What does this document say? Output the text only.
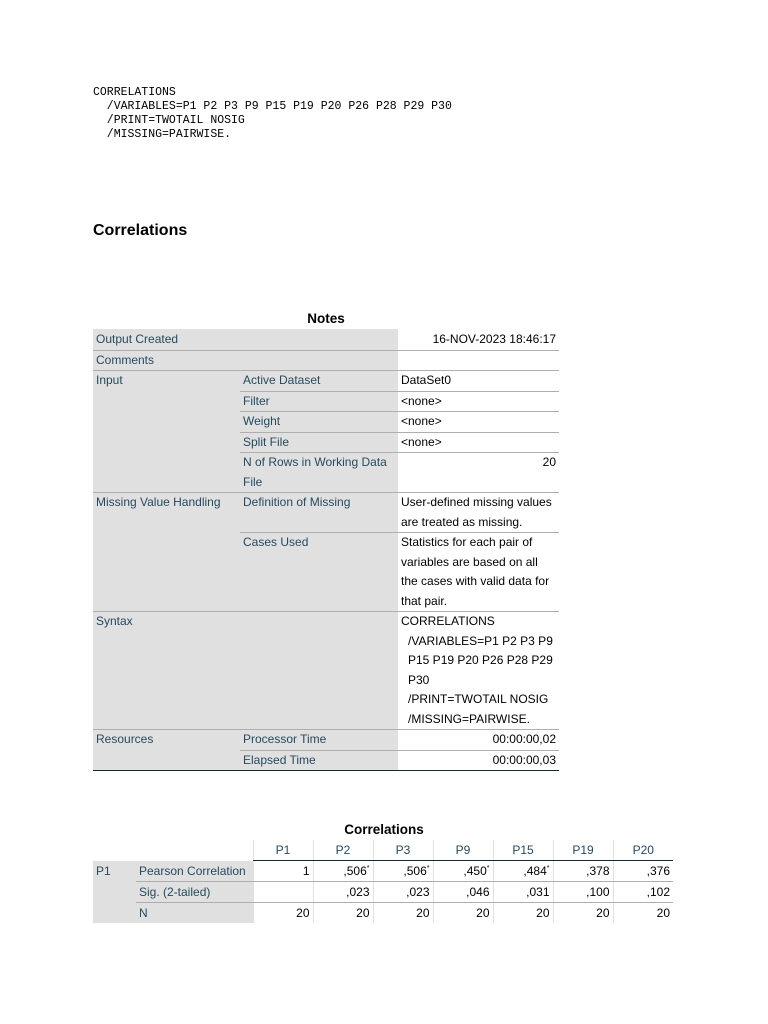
CORRELATIONS
/VARIABLES=P1 P2 P3 P9 P15 P19 P20 P26 P28 P29 P30
/PRINT=TWOTAIL NOSIG
/MISSING=PAIRWISE.
Correlations
Notes
Output Created		16-NOV-2023 18:46:17
Comments		
Input	Active Dataset	DataSet0
	Filter	<none>
	Weight	<none>
	Split File	<none>
	N of Rows in Working Data File	20
Missing Value Handling	Definition of Missing	User-defined missing values are treated as missing.
	Cases Used	Statistics for each pair of variables are based on all the cases with valid data for that pair.
Syntax		CORRELATIONS
/VARIABLES=P1 P2 P3 P9 P15 P19 P20 P26 P28 P29 P30
/PRINT=TWOTAIL NOSIG
/MISSING=PAIRWISE.

Resources	Processor Time	00:00:00,02
	Elapsed Time	00:00:00,03
Correlations
		P1	P2	P3	P9	P15	P19	P20
P1	Pearson Correlation	1	,506*	,506*	,450*	,484*	,378	,376
	Sig. (2-tailed)		,023	,023	,046	,031	,100	,102
	N	20	20	20	20	20	20	20
